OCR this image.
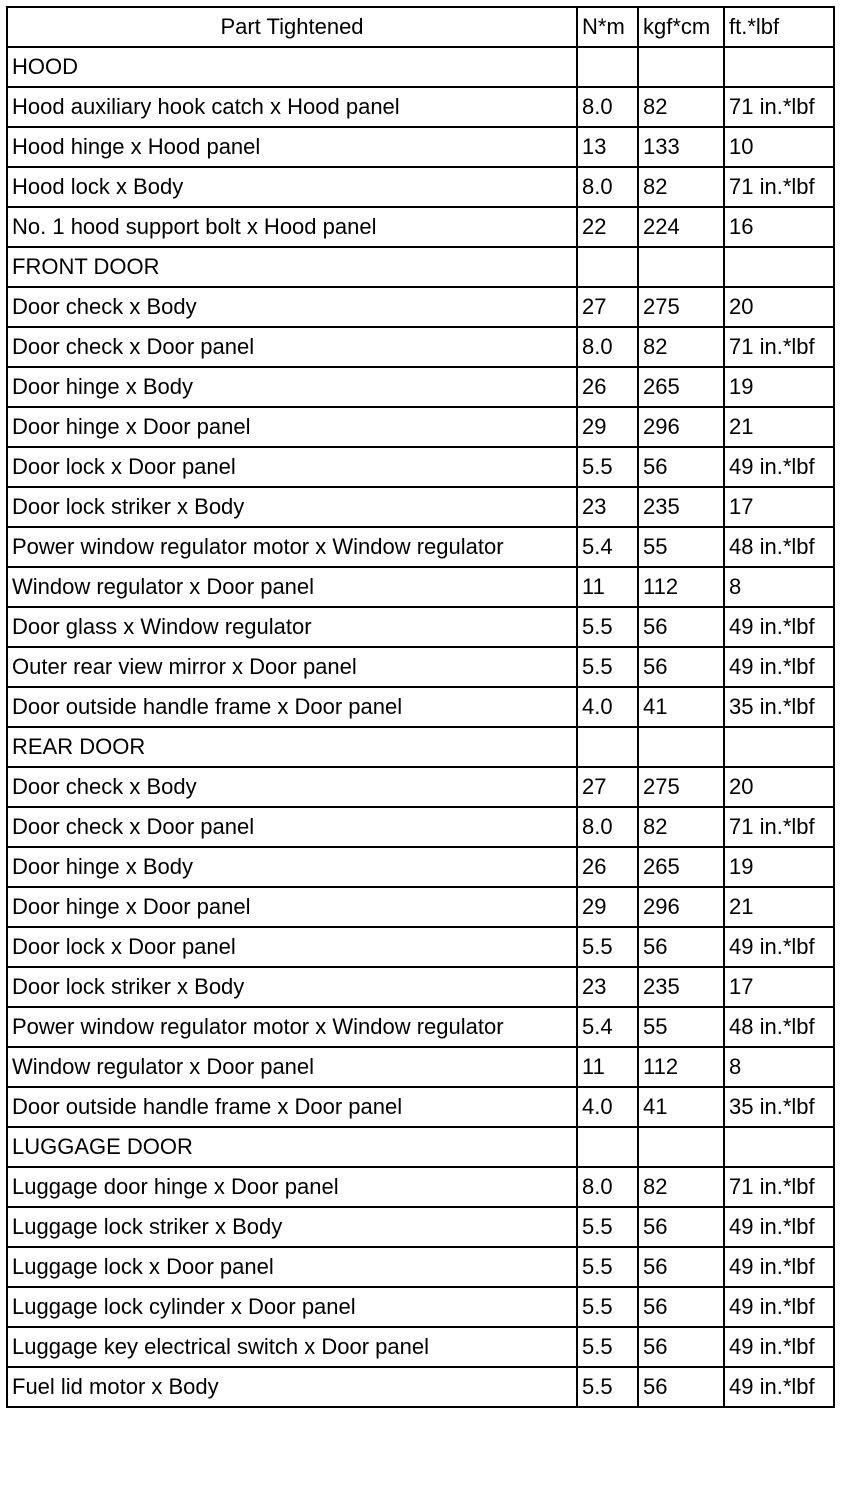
Part Tightened	N*m	kgf*cm	ft.*lbf
HOOD			
Hood auxiliary hook catch x Hood panel	8.0	82	71 in.*lbf
Hood hinge x Hood panel	13	133	10
Hood lock x Body	8.0	82	71 in.*lbf
No. 1 hood support bolt x Hood panel	22	224	16
FRONT DOOR			
Door check x Body	27	275	20
Door check x Door panel	8.0	82	71 in.*lbf
Door hinge x Body	26	265	19
Door hinge x Door panel	29	296	21
Door lock x Door panel	5.5	56	49 in.*lbf
Door lock striker x Body	23	235	17
Power window regulator motor x Window regulator	5.4	55	48 in.*lbf
Window regulator x Door panel	11	112	8
Door glass x Window regulator	5.5	56	49 in.*lbf
Outer rear view mirror x Door panel	5.5	56	49 in.*lbf
Door outside handle frame x Door panel	4.0	41	35 in.*lbf
REAR DOOR			
Door check x Body	27	275	20
Door check x Door panel	8.0	82	71 in.*lbf
Door hinge x Body	26	265	19
Door hinge x Door panel	29	296	21
Door lock x Door panel	5.5	56	49 in.*lbf
Door lock striker x Body	23	235	17
Power window regulator motor x Window regulator	5.4	55	48 in.*lbf
Window regulator x Door panel	11	112	8
Door outside handle frame x Door panel	4.0	41	35 in.*lbf
LUGGAGE DOOR			
Luggage door hinge x Door panel	8.0	82	71 in.*lbf
Luggage lock striker x Body	5.5	56	49 in.*lbf
Luggage lock x Door panel	5.5	56	49 in.*lbf
Luggage lock cylinder x Door panel	5.5	56	49 in.*lbf
Luggage key electrical switch x Door panel	5.5	56	49 in.*lbf
Fuel lid motor x Body	5.5	56	49 in.*lbf
